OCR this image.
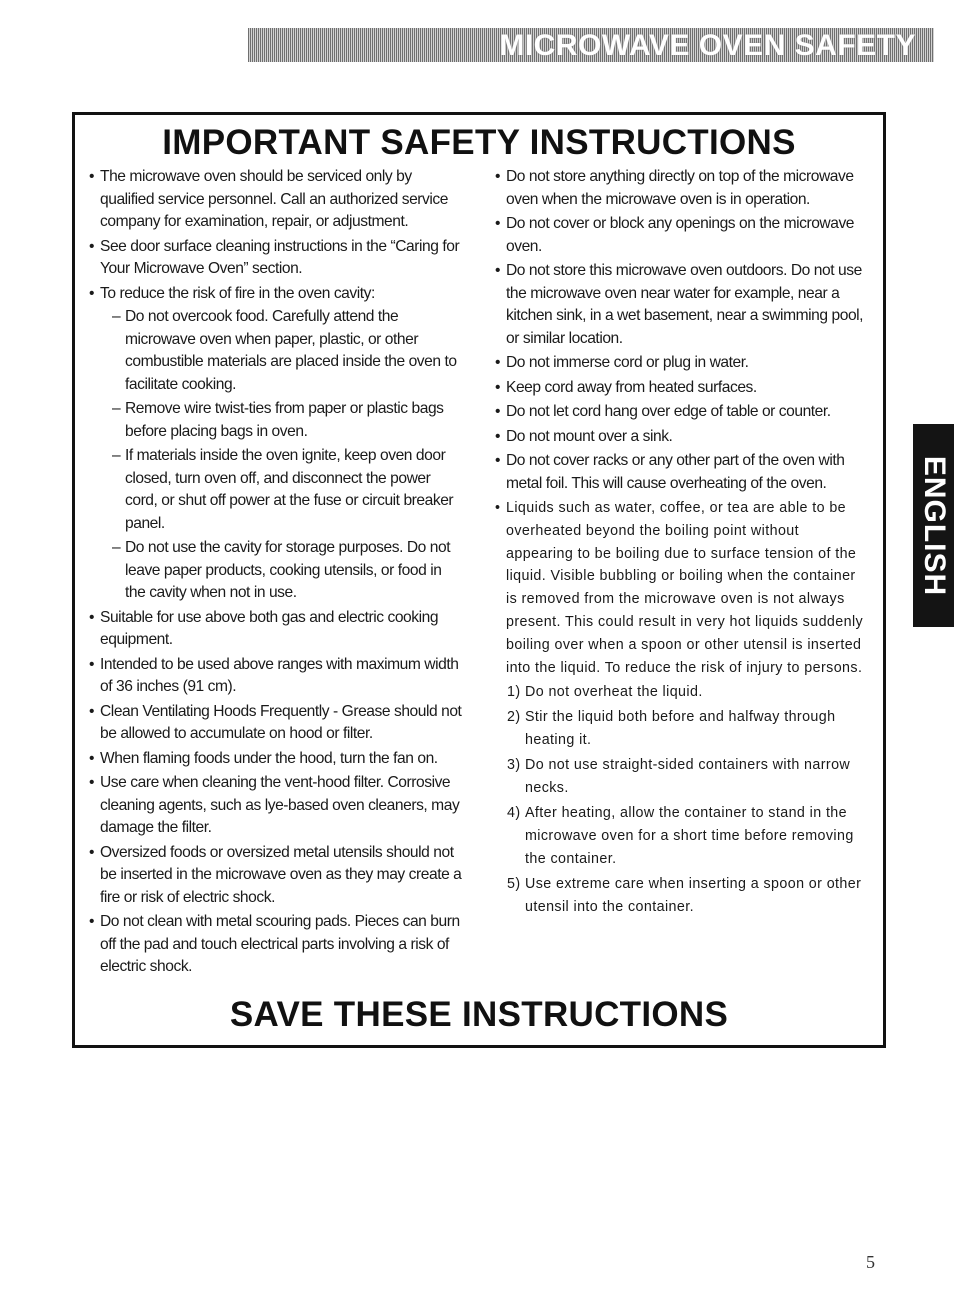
MICROWAVE OVEN SAFETY
IMPORTANT SAFETY INSTRUCTIONS
• The microwave oven should be serviced only by qualified service personnel. Call an authorized service company for examination, repair, or adjustment.
• See door surface cleaning instructions in the “Caring for Your Microwave Oven” section.
• To reduce the risk of fire in the oven cavity:
– Do not overcook food. Carefully attend the microwave oven when paper, plastic, or other combustible materials are placed inside the oven to facilitate cooking.
– Remove wire twist-ties from paper or plastic bags before placing bags in oven.
– If materials inside the oven ignite, keep oven door closed, turn oven off, and disconnect the power cord, or shut off power at the fuse or circuit breaker panel.
– Do not use the cavity for storage purposes. Do not leave paper products, cooking utensils, or food in the cavity when not in use.
• Suitable for use above both gas and electric cooking equipment.
• Intended to be used above ranges with maximum width of 36 inches (91 cm).
• Clean Ventilating Hoods Frequently - Grease should not be allowed to accumulate on hood or filter.
• When flaming foods under the hood, turn the fan on.
• Use care when cleaning the vent-hood filter. Corrosive cleaning agents, such as lye-based oven cleaners, may damage the filter.
• Oversized foods or oversized metal utensils should not be inserted in the microwave oven as they may create a fire or risk of electric shock.
• Do not clean with metal scouring pads. Pieces can burn off the pad and touch electrical parts involving a risk of electric shock.
• Do not store anything directly on top of the microwave oven when the microwave oven is in operation.
• Do not cover or block any openings on the microwave oven.
• Do not store this microwave oven outdoors. Do not use the microwave oven near water for example, near a kitchen sink, in a wet basement, near a swimming pool, or similar location.
• Do not immerse cord or plug in water.
• Keep cord away from heated surfaces.
• Do not let cord hang over edge of table or counter.
• Do not mount over a sink.
• Do not cover racks or any other part of the oven with metal foil. This will cause overheating of the oven.
• Liquids such as water, coffee, or tea are able to be overheated beyond the boiling point without appearing to be boiling due to surface tension of the liquid. Visible bubbling or boiling when the container is removed from the microwave oven is not always present. This could result in very hot liquids suddenly boiling over when a spoon or other utensil is inserted into the liquid. To reduce the risk of injury to persons.
1) Do not overheat the liquid.
2) Stir the liquid both before and halfway through heating it.
3) Do not use straight-sided containers with narrow necks.
4) After heating, allow the container to stand in the microwave oven for a short time before removing the container.
5) Use extreme care when inserting a spoon or other utensil into the container.
SAVE THESE INSTRUCTIONS
ENGLISH
5
